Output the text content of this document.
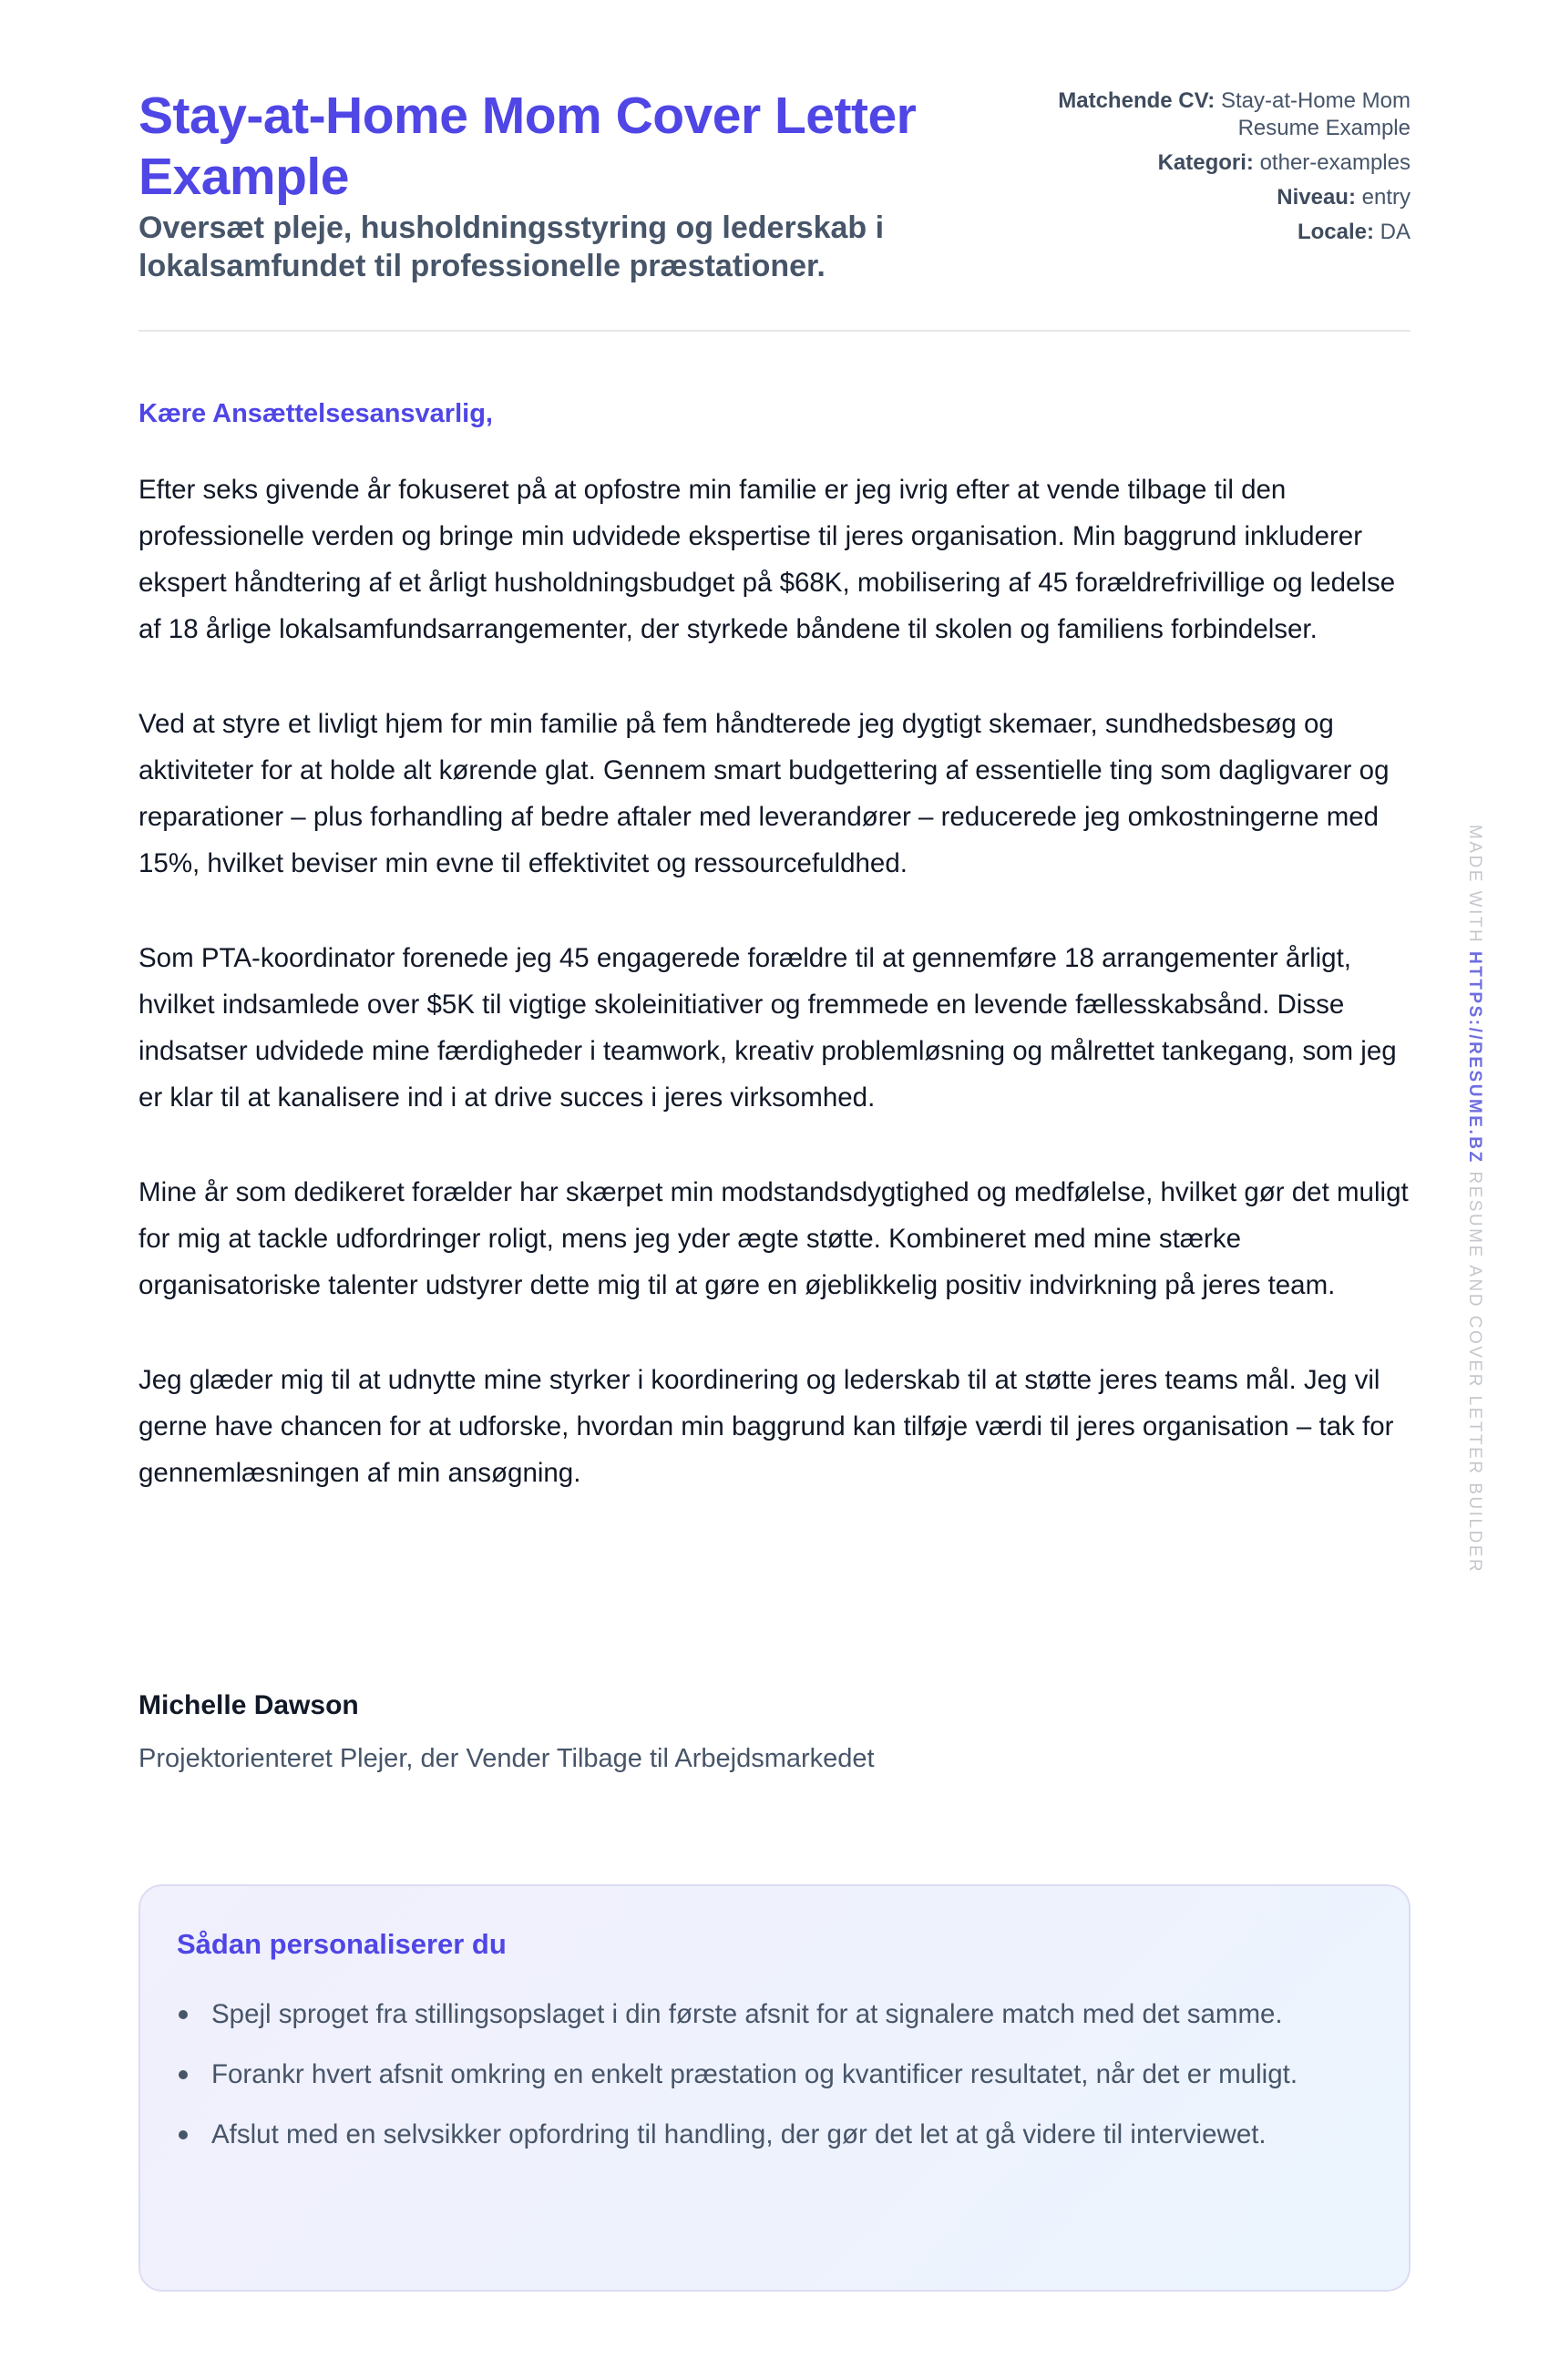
Stay-at-Home Mom Cover Letter Example
Oversæt pleje, husholdningsstyring og lederskab i lokalsamfundet til professionelle præstationer.
Matchende CV: Stay-at-Home Mom Resume Example
Kategori: other-examples
Niveau: entry
Locale: DA

Kære Ansættelsesansvarlig,

Efter seks givende år fokuseret på at opfostre min familie er jeg ivrig efter at vende tilbage til den professionelle verden og bringe min udvidede ekspertise til jeres organisation. Min baggrund inkluderer ekspert håndtering af et årligt husholdningsbudget på $68K, mobilisering af 45 forældrefrivillige og ledelse af 18 årlige lokalsamfundsarrangementer, der styrkede båndene til skolen og familiens forbindelser.

Ved at styre et livligt hjem for min familie på fem håndterede jeg dygtigt skemaer, sundhedsbesøg og aktiviteter for at holde alt kørende glat. Gennem smart budgettering af essentielle ting som dagligvarer og reparationer – plus forhandling af bedre aftaler med leverandører – reducerede jeg omkostningerne med 15%, hvilket beviser min evne til effektivitet og ressourcefuldhed.

Som PTA-koordinator forenede jeg 45 engagerede forældre til at gennemføre 18 arrangementer årligt, hvilket indsamlede over $5K til vigtige skoleinitiativer og fremmede en levende fællesskabsånd. Disse indsatser udvidede mine færdigheder i teamwork, kreativ problemløsning og målrettet tankegang, som jeg er klar til at kanalisere ind i at drive succes i jeres virksomhed.

Mine år som dedikeret forælder har skærpet min modstandsdygtighed og medfølelse, hvilket gør det muligt for mig at tackle udfordringer roligt, mens jeg yder ægte støtte. Kombineret med mine stærke organisatoriske talenter udstyrer dette mig til at gøre en øjeblikkelig positiv indvirkning på jeres team.

Jeg glæder mig til at udnytte mine styrker i koordinering og lederskab til at støtte jeres teams mål. Jeg vil gerne have chancen for at udforske, hvordan min baggrund kan tilføje værdi til jeres organisation – tak for gennemlæsningen af min ansøgning.

Michelle Dawson

Projektorienteret Plejer, der Vender Tilbage til Arbejdsmarkedet

Sådan personaliserer du
Spejl sproget fra stillingsopslaget i din første afsnit for at signalere match med det samme.
Forankr hvert afsnit omkring en enkelt præstation og kvantificer resultatet, når det er muligt.
Afslut med en selvsikker opfordring til handling, der gør det let at gå videre til interviewet.
MADE WITH HTTPS://RESUME.BZ RESUME AND COVER LETTER BUILDER
